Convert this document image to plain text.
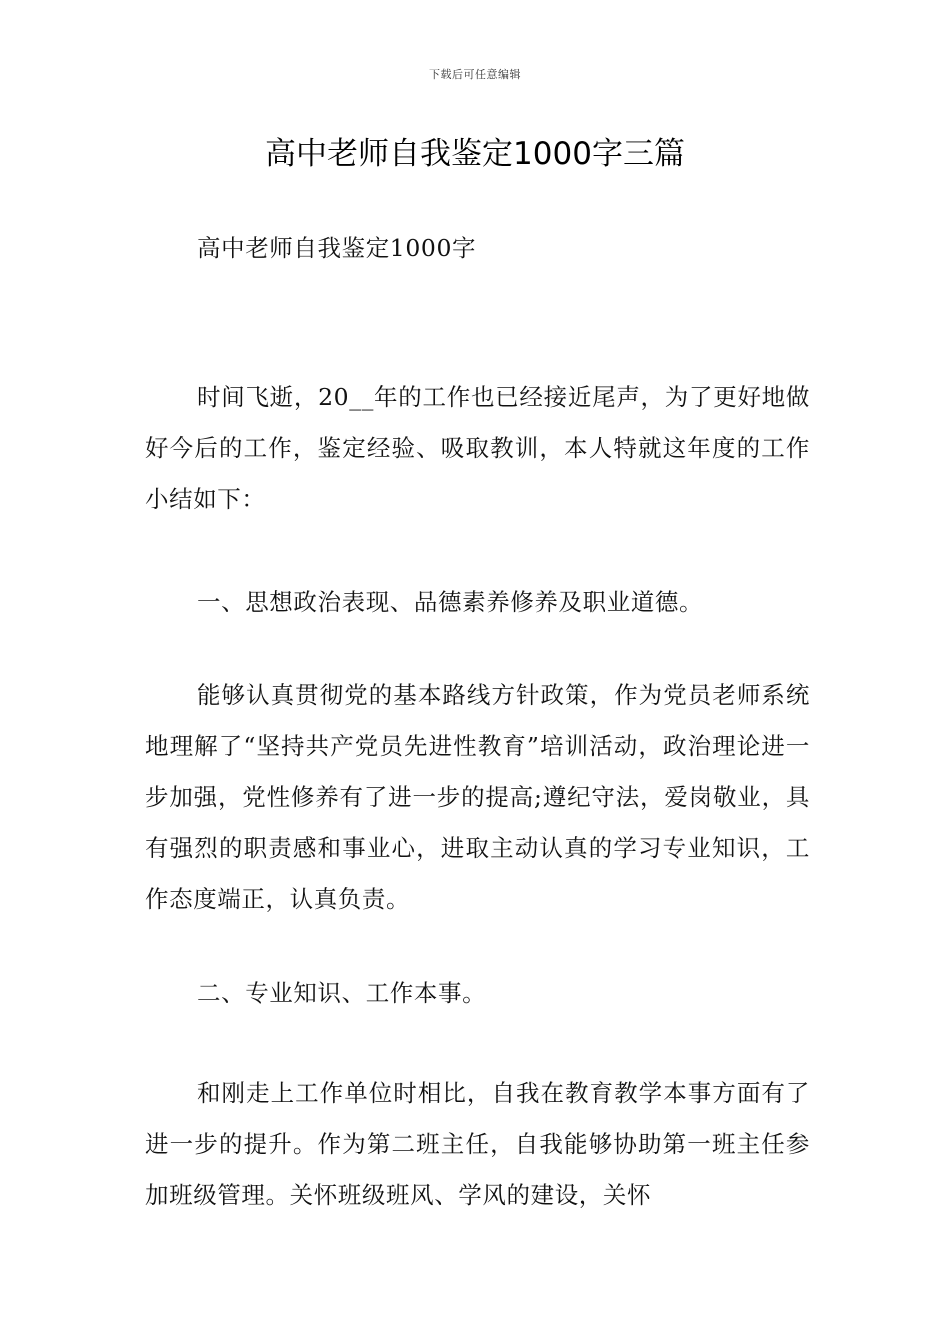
下载后可任意编辑
高中老师自我鉴定1000字三篇

高中老师自我鉴定1000字

时间飞逝，20__年的工作也已经接近尾声，为了更好地做好今后的工作，鉴定经验、吸取教训，本人特就这年度的工作小结如下：

一、思想政治表现、品德素养修养及职业道德。

能够认真贯彻党的基本路线方针政策，作为党员老师系统地理解了“坚持共产党员先进性教育”培训活动，政治理论进一步加强，党性修养有了进一步的提高;遵纪守法，爱岗敬业，具有强烈的职责感和事业心，进取主动认真的学习专业知识，工作态度端正，认真负责。

二、专业知识、工作本事。

和刚走上工作单位时相比，自我在教育教学本事方面有了进一步的提升。作为第二班主任，自我能够协助第一班主任参加班级管理。关怀班级班风、学风的建设，关怀
